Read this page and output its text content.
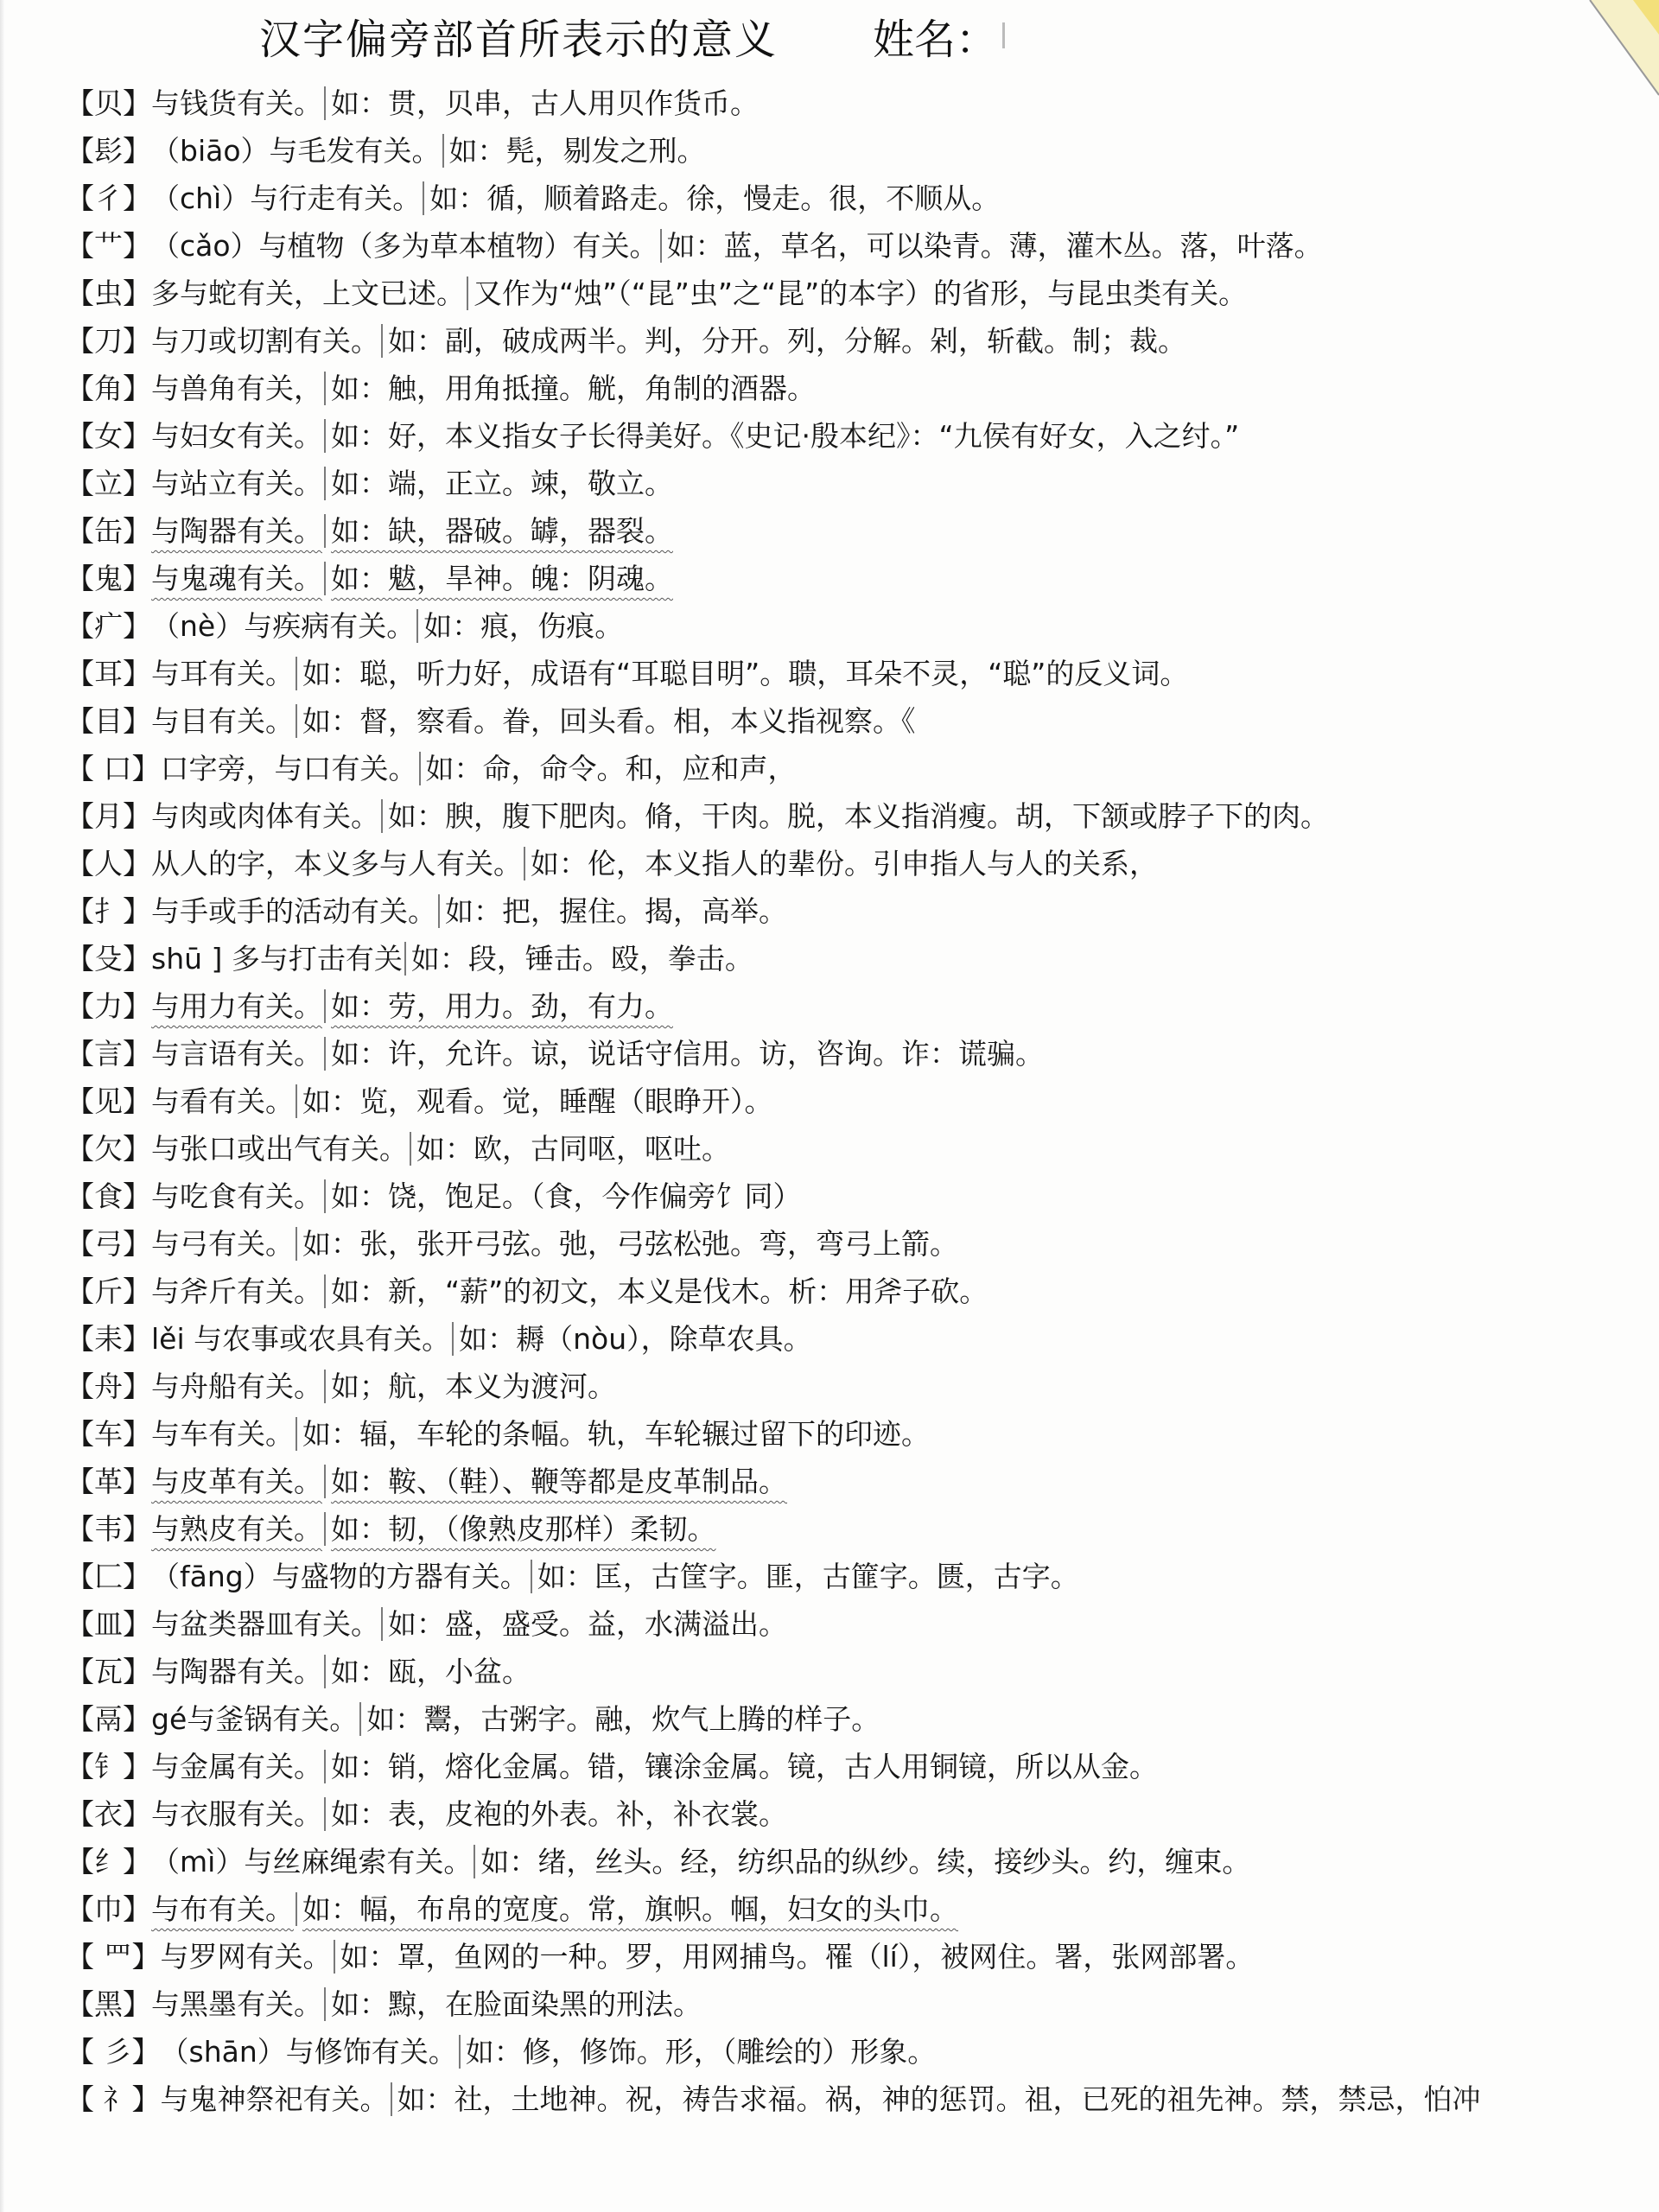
汉字偏旁部首所表示的意义 姓名：
【贝】与钱货有关。 如：贯，贝串，古人用贝作货币。
【髟】（biāo）与毛发有关。 如：髡，剔发之刑。
【彳】（chì）与行走有关。 如：循，顺着路走。徐，慢走。很，不顺从。
【艹】（cǎo）与植物（多为草本植物）有关。 如：蓝，草名，可以染青。薄，灌木丛。落，叶落。
【虫】多与蛇有关，上文已述。 又作为“烛”（“昆”虫”之“昆”的本字）的省形，与昆虫类有关。
【刀】与刀或切割有关。 如：副，破成两半。判，分开。列，分解。剁，斩截。制；裁。
【角】与兽角有关， 如：触，用角抵撞。觥，角制的酒器。
【女】与妇女有关。 如：好，本义指女子长得美好。《史记·殷本纪》：“九侯有好女，入之纣。”
【立】与站立有关。 如：端，正立。竦，敬立。
【缶】与陶器有关。 如：缺，器破。罅，器裂。
【鬼】与鬼魂有关。 如：魃，旱神。魄：阴魂。
【疒】（nè）与疾病有关。 如：痕，伤痕。
【耳】与耳有关。 如：聪，听力好，成语有“耳聪目明”。聩，耳朵不灵，“聪”的反义词。
【目】与目有关。 如：督，察看。眷，回头看。相，本义指视察。《
【 口】口字旁，与口有关。 如：命，命令。和，应和声，
【月】与肉或肉体有关。 如：腴，腹下肥肉。脩，干肉。脱，本义指消瘦。胡，下颔或脖子下的肉。
【人】从人的字，本义多与人有关。 如：伦，本义指人的辈份。引申指人与人的关系，
【扌】与手或手的活动有关。 如：把，握住。揭，高举。
【殳】shū ] 多与打击有关 如：段，锤击。殴，拳击。
【力】与用力有关。 如：劳，用力。劲，有力。
【言】与言语有关。 如：许，允许。谅，说话守信用。访，咨询。诈：谎骗。
【见】与看有关。 如：览，观看。觉，睡醒（眼睁开）。
【欠】与张口或出气有关。 如：欧，古同呕，呕吐。
【食】与吃食有关。 如：饶，饱足。（食，今作偏旁饣同）
【弓】与弓有关。 如：张，张开弓弦。弛，弓弦松弛。弯，弯弓上箭。
【斤】与斧斤有关。 如：新，“薪”的初文，本义是伐木。析：用斧子砍。
【耒】lěi 与农事或农具有关。 如：耨（nòu），除草农具。
【舟】与舟船有关。 如；航，本义为渡河。
【车】与车有关。 如：辐，车轮的条幅。轨，车轮辗过留下的印迹。
【革】与皮革有关。 如：鞍、（鞋）、鞭等都是皮革制品。
【韦】与熟皮有关。 如：韧，（像熟皮那样）柔韧。
【匚】（fāng）与盛物的方器有关。 如：匡，古筐字。匪，古篚字。匮，古字。
【皿】与盆类器皿有关。 如：盛，盛受。益，水满溢出。
【瓦】与陶器有关。 如：瓯，小盆。
【鬲】gé与釜锅有关。 如：鬻，古粥字。融，炊气上腾的样子。
【钅】与金属有关。 如：销，熔化金属。错，镶涂金属。镜，古人用铜镜，所以从金。
【衣】与衣服有关。 如：表，皮袍的外表。补，补衣裳。
【纟】（mì）与丝麻绳索有关。 如：绪，丝头。经，纺织品的纵纱。续，接纱头。约，缠束。
【巾】与布有关。 如：幅，布帛的宽度。常，旗帜。帼，妇女的头巾。
【 罒】与罗网有关。 如：罩，鱼网的一种。罗，用网捕鸟。罹（lí），被网住。署，张网部署。
【黑】与黑墨有关。 如：黥，在脸面染黑的刑法。
【 彡】（shān）与修饰有关。 如：修，修饰。形，（雕绘的）形象。
【 礻】与鬼神祭祀有关。 如：社，土地神。祝，祷告求福。祸，神的惩罚。祖，已死的祖先神。禁，禁忌，怕冲
